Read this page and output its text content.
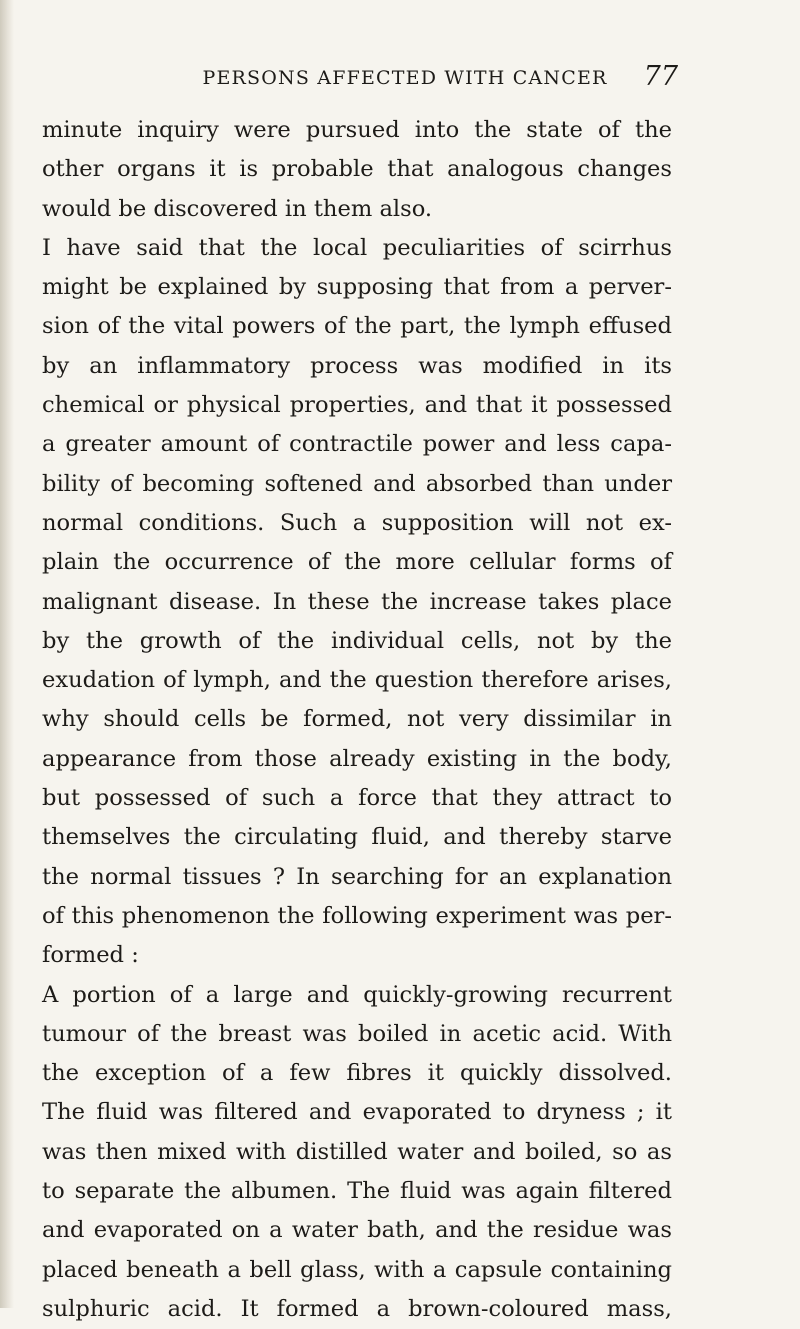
PERSONS AFFECTED WITH CANCER	77
minute inquiry were pursued into the state of the
other organs it is probable that analogous changes
would be discovered in them also.
I have said that the local peculiarities of scirrhus
might be explained by supposing that from a perver-
sion of the vital powers of the part, the lymph effused
by an inflammatory process was modified in its
chemical or physical properties, and that it possessed
a greater amount of contractile power and less capa-
bility of becoming softened and absorbed than under
normal conditions. Such a supposition will not ex-
plain the occurrence of the more cellular forms of
malignant disease. In these the increase takes place
by the growth of the individual cells, not by the
exudation of lymph, and the question therefore arises,
why should cells be formed, not very dissimilar in
appearance from those already existing in the body,
but possessed of such a force that they attract to
themselves the circulating fluid, and thereby starve
the normal tissues ? In searching for an explanation
of this phenomenon the following experiment was per-
formed :
A portion of a large and quickly-growing recurrent
tumour of the breast was boiled in acetic acid. With
the exception of a few fibres it quickly dissolved.
The fluid was filtered and evaporated to dryness ; it
was then mixed with distilled water and boiled, so as
to separate the albumen. The fluid was again filtered
and evaporated on a water bath, and the residue was
placed beneath a bell glass, with a capsule containing
sulphuric acid. It formed a brown-coloured mass,
